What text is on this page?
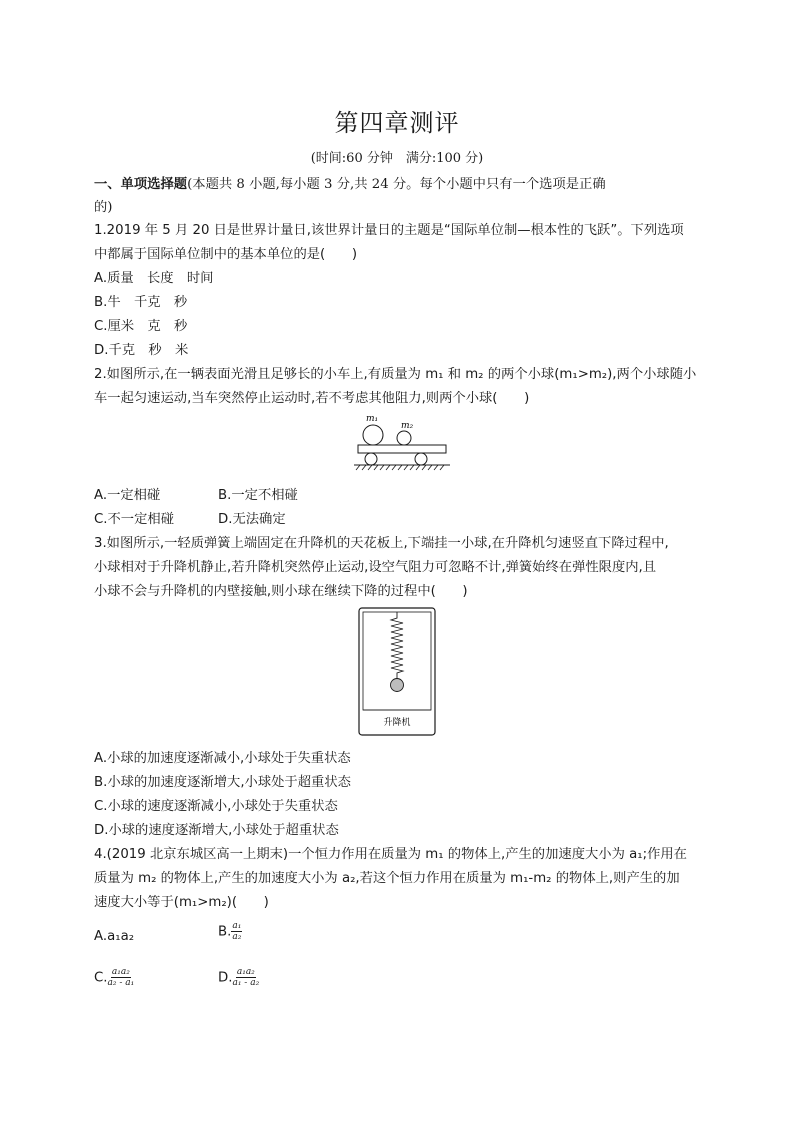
第四章测评
(时间:60 分钟　满分:100 分)
一、单项选择题(本题共 8 小题,每小题 3 分,共 24 分。每个小题中只有一个选项是正确
的)
1.2019 年 5 月 20 日是世界计量日,该世界计量日的主题是“国际单位制—根本性的飞跃”。下列选项
中都属于国际单位制中的基本单位的是(　　)
A.质量　长度　时间
B.牛　千克　秒
C.厘米　克　秒
D.千克　秒　米
2.如图所示,在一辆表面光滑且足够长的小车上,有质量为 m₁ 和 m₂ 的两个小球(m₁>m₂),两个小球随小
车一起匀速运动,当车突然停止运动时,若不考虑其他阻力,则两个小球(　　)
m₁
m₂
A.一定相碰	B.一定不相碰
C.不一定相碰	D.无法确定
3.如图所示,一轻质弹簧上端固定在升降机的天花板上,下端挂一小球,在升降机匀速竖直下降过程中,
小球相对于升降机静止,若升降机突然停止运动,设空气阻力可忽略不计,弹簧始终在弹性限度内,且
小球不会与升降机的内壁接触,则小球在继续下降的过程中(　　)
升降机
A.小球的加速度逐渐减小,小球处于失重状态
B.小球的加速度逐渐增大,小球处于超重状态
C.小球的速度逐渐减小,小球处于失重状态
D.小球的速度逐渐增大,小球处于超重状态
4.(2019 北京东城区高一上期末)一个恒力作用在质量为 m₁ 的物体上,产生的加速度大小为 a₁;作用在
质量为 m₂ 的物体上,产生的加速度大小为 a₂,若这个恒力作用在质量为 m₁-m₂ 的物体上,则产生的加
速度大小等于(m₁>m₂)(　　)
A.a₁a₂	B. $\frac{\text{a₁}}{\text{a₂}}$
C. $\frac{\text{a₁a₂}}{\text{a₂ - a₁}}$	D. $\frac{\text{a₁a₂}}{\text{a₁ - a₂}}$
